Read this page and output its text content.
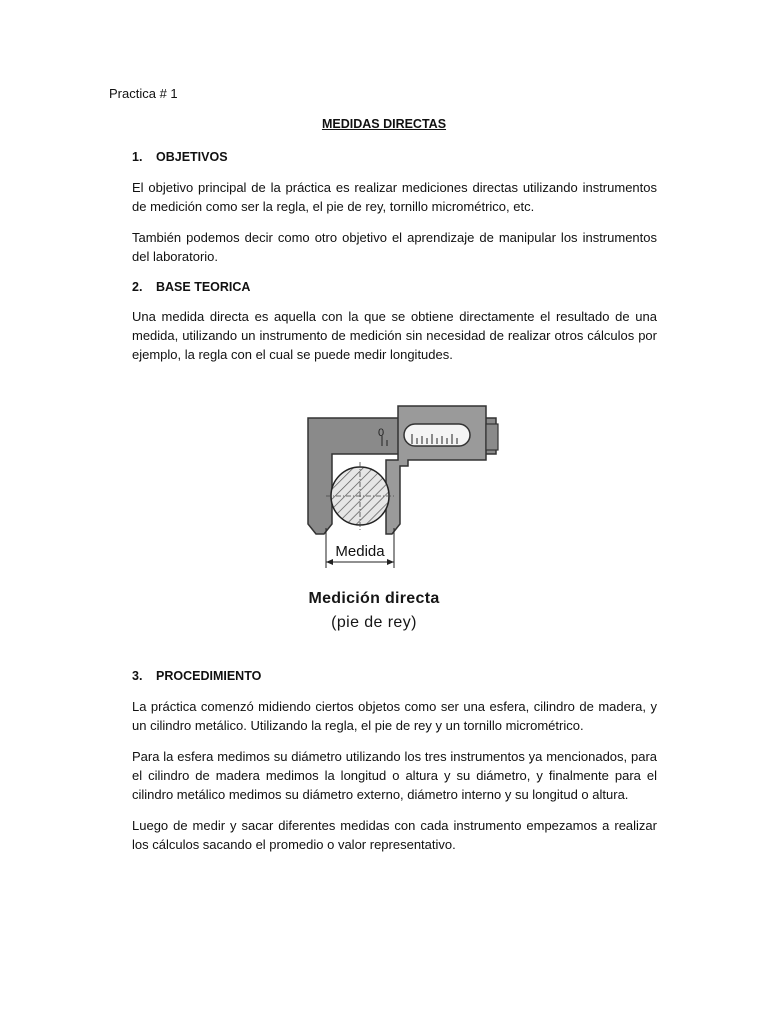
Practica # 1
MEDIDAS DIRECTAS
1. OBJETIVOS
El objetivo principal de la práctica es realizar mediciones directas utilizando instrumentos de medición como ser la regla, el pie de rey, tornillo micrométrico, etc.
También podemos decir como otro objetivo el aprendizaje de manipular los instrumentos del laboratorio.
2. BASE TEORICA
Una medida directa es aquella con la que se obtiene directamente el resultado de una medida, utilizando un instrumento de medición sin necesidad de realizar otros cálculos por ejemplo, la regla con el cual se puede medir longitudes.
0
Medida
Medición directa
(pie de rey)
3. PROCEDIMIENTO
La práctica comenzó midiendo ciertos objetos como ser una esfera, cilindro de madera, y un cilindro metálico. Utilizando la regla, el pie de rey y un tornillo micrométrico.
Para la esfera medimos su diámetro utilizando los tres instrumentos ya mencionados, para el cilindro de madera medimos la longitud o altura y su diámetro, y finalmente para el cilindro metálico medimos su diámetro externo, diámetro interno y su longitud o altura.
Luego de medir y sacar diferentes medidas con cada instrumento empezamos a realizar los cálculos sacando el promedio o valor representativo.
